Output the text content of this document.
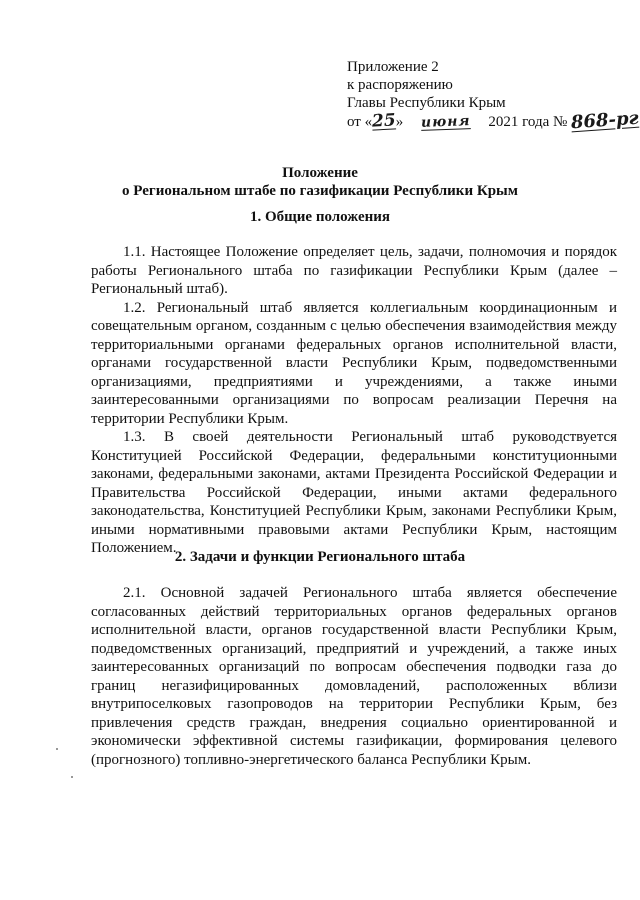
Приложение 2
к распоряжению
Главы Республики Крым
от «25» июня 2021 года № 868-рг
Положение
о Региональном штабе по газификации Республики Крым
1. Общие положения

1.1. Настоящее Положение определяет цель, задачи, полномочия и порядок работы Регионального штаба по газификации Республики Крым (далее – Региональный штаб).

1.2. Региональный штаб является коллегиальным координационным и совещательным органом, созданным с целью обеспечения взаимодействия между территориальными органами федеральных органов исполнительной власти, органами государственной власти Республики Крым, подведомственными организациями, предприятиями и учреждениями, а также иными заинтересованными организациями по вопросам реализации Перечня на территории Республики Крым.

1.3. В своей деятельности Региональный штаб руководствуется Конституцией Российской Федерации, федеральными конституционными законами, федеральными законами, актами Президента Российской Федерации и Правительства Российской Федерации, иными актами федерального законодательства, Конституцией Республики Крым, законами Республики Крым, иными нормативными правовыми актами Республики Крым, настоящим Положением.

2. Задачи и функции Регионального штаба

2.1. Основной задачей Регионального штаба является обеспечение согласованных действий территориальных органов федеральных органов исполнительной власти, органов государственной власти Республики Крым, подведомственных организаций, предприятий и учреждений, а также иных заинтересованных организаций по вопросам обеспечения подводки газа до границ негазифицированных домовладений, расположенных вблизи внутрипоселковых газопроводов на территории Республики Крым, без привлечения средств граждан, внедрения социально ориентированной и экономически эффективной системы газификации, формирования целевого (прогнозного) топливно-энергетического баланса Республики Крым.
